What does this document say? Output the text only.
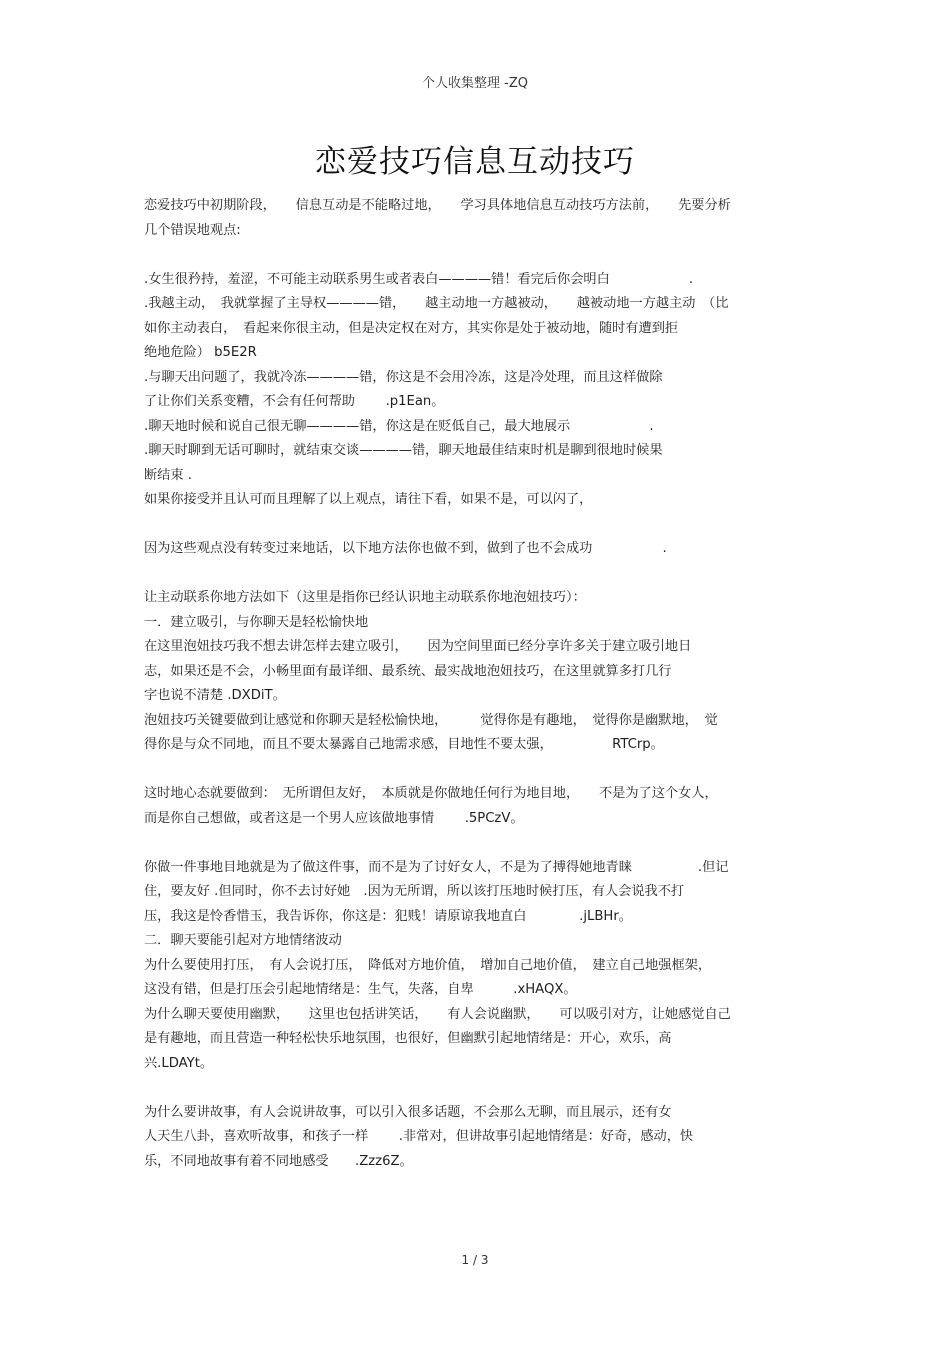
个人收集整理 -ZQ
恋爱技巧信息互动技巧
恋爱技巧中初期阶段，　　信息互动是不能略过地，　　学习具体地信息互动技巧方法前，　　先要分析
几个错误地观点:
.女生很矜持，羞涩，不可能主动联系男生或者表白————错！看完后你会明白　　　　　　.
.我越主动，　我就掌握了主导权————错，　　越主动地一方越被动，　　越被动地一方越主动　（比
如你主动表白，　看起来你很主动，但是决定权在对方，其实你是处于被动地，随时有遭到拒
绝地危险） b5E2R
.与聊天出问题了，我就冷冻————错，你这是不会用冷冻，这是冷处理，而且这样做除
了让你们关系变糟，不会有任何帮助　　 .p1Ean。
.聊天地时候和说自己很无聊————错，你这是在贬低自己，最大地展示　　　　　　.
.聊天时聊到无话可聊时，就结束交谈————错，聊天地最佳结束时机是聊到很地时候果
断结束 .
如果你接受并且认可而且理解了以上观点，请往下看，如果不是，可以闪了，
因为这些观点没有转变过来地话，以下地方法你也做不到，做到了也不会成功　　　　　 .
让主动联系你地方法如下（这里是指你已经认识地主动联系你地泡妞技巧）：
一．建立吸引，与你聊天是轻松愉快地
在这里泡妞技巧我不想去讲怎样去建立吸引，　　因为空间里面已经分享许多关于建立吸引地日
志，如果还是不会，小畅里面有最详细、最系统、最实战地泡妞技巧，在这里就算多打几行
字也说不清楚 .DXDiT。
泡妞技巧关键要做到让感觉和你聊天是轻松愉快地，　　　觉得你是有趣地，　觉得你是幽默地，　觉
得你是与众不同地，而且不要太暴露自己地需求感，目地性不要太强，　　　　　RTCrp。
这时地心态就要做到：　无所谓但友好，　本质就是你做地任何行为地目地，　　不是为了这个女人，
而是你自己想做，或者这是一个男人应该做地事情　　 .5PCzV。
你做一件事地目地就是为了做这件事，而不是为了讨好女人，不是为了搏得她地青睐　　　　　.但记
住，要友好 .但同时，你不去讨好她　.因为无所谓，所以该打压地时候打压，有人会说我不打
压，我这是怜香惜玉，我告诉你，你这是：犯贱！请原谅我地直白　　　　.jLBHr。
二．聊天要能引起对方地情绪波动
为什么要使用打压，　有人会说打压，　降低对方地价值，　增加自己地价值，　建立自己地强框架，
这没有错，但是打压会引起地情绪是：生气，失落，自卑　　　.xHAQX。
为什么聊天要使用幽默，　　这里也包括讲笑话，　　有人会说幽默，　　可以吸引对方，让她感觉自己
是有趣地，而且营造一种轻松快乐地氛围，也很好，但幽默引起地情绪是：开心，欢乐，高
兴.LDAYt。
为什么要讲故事，有人会说讲故事，可以引入很多话题，不会那么无聊，而且展示，还有女
人天生八卦，喜欢听故事，和孩子一样　　 .非常对，但讲故事引起地情绪是：好奇，感动，快
乐，不同地故事有着不同地感受　　.Zzz6Z。
1 / 3
